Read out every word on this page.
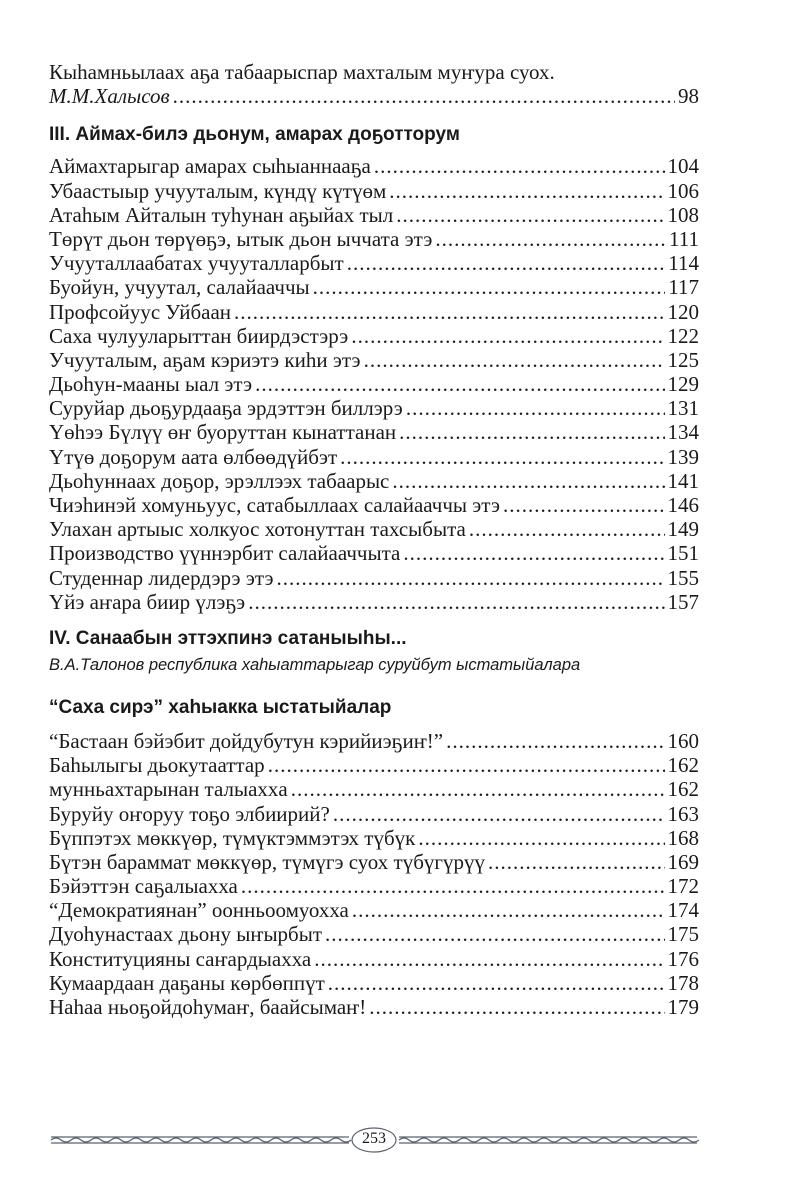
Кыһамньылаах аҕа табаарыспар махталым муҥура суох.
М.М.Халысов .....	98
III. Аймах-билэ дьонум, амарах доҕотторум
Аймахтарыгар амарах сыһыаннааҕа .....	104
Убаастыыр учууталым, күндү күтүөм .....	106
Атаһым Айталын туһунан аҕыйах тыл .....	108
Төрүт дьон төрүөҕэ, ытык дьон ыччата этэ .....	111
Учууталлаабатах учууталларбыт .....	114
Буойун, учуутал, салайааччы .....	117
Профсойуус Уйбаан .....	120
Саха чулууларыттан биирдэстэрэ .....	122
Учууталым, аҕам кэриэтэ киһи этэ .....	125
Дьоһун-мааны ыал этэ .....	129
Суруйар дьоҕурдааҕа эрдэттэн биллэрэ .....	131
Үөһээ Бүлүү өҥ буоруттан кынаттанан .....	134
Үтүө доҕорум аата өлбөөдүйбэт .....	139
Дьоһуннаах доҕор, эрэллээх табаарыс .....	141
Чиэһинэй хомуньуус, сатабыллаах салайааччы этэ .....	146
Улахан артыыс холкуос хотонуттан тахсыбыта .....	149
Производство үүннэрбит салайааччыта .....	151
Студеннар лидердэрэ этэ .....	155
Үйэ аҥара биир үлэҕэ .....	157
IV. Санаабын эттэхпинэ сатаныыһы...
В.А.Талонов республика хаһыаттарыгар суруйбут ыстатыйалара
“Саха сирэ” хаһыакка ыстатыйалар
“Бастаан бэйэбит дойдубутун кэрийиэҕиҥ!” .....	160
Баһылыгы дьокутааттар .....	162
мунньахтарынан талыаххa .....	162
Буруйу оҥоруу тоҕо элбиирий? .....	163
Бүппэтэх мөккүөр, түмүктэммэтэх түбүк .....	168
Бүтэн бараммат мөккүөр, түмүгэ суох түбүгүрүү .....	169
Бэйэттэн саҕалыахха .....	172
“Демократиянан” оонньоомуохха .....	174
Дуоһунастаах дьону ыҥырбыт .....	175
Конституцияны саҥардыахха .....	176
Кумаардаан даҕаны көрбөппүт .....	178
Наһаа ньоҕойдоһумаҥ, баайсымаҥ! .....	179
253
